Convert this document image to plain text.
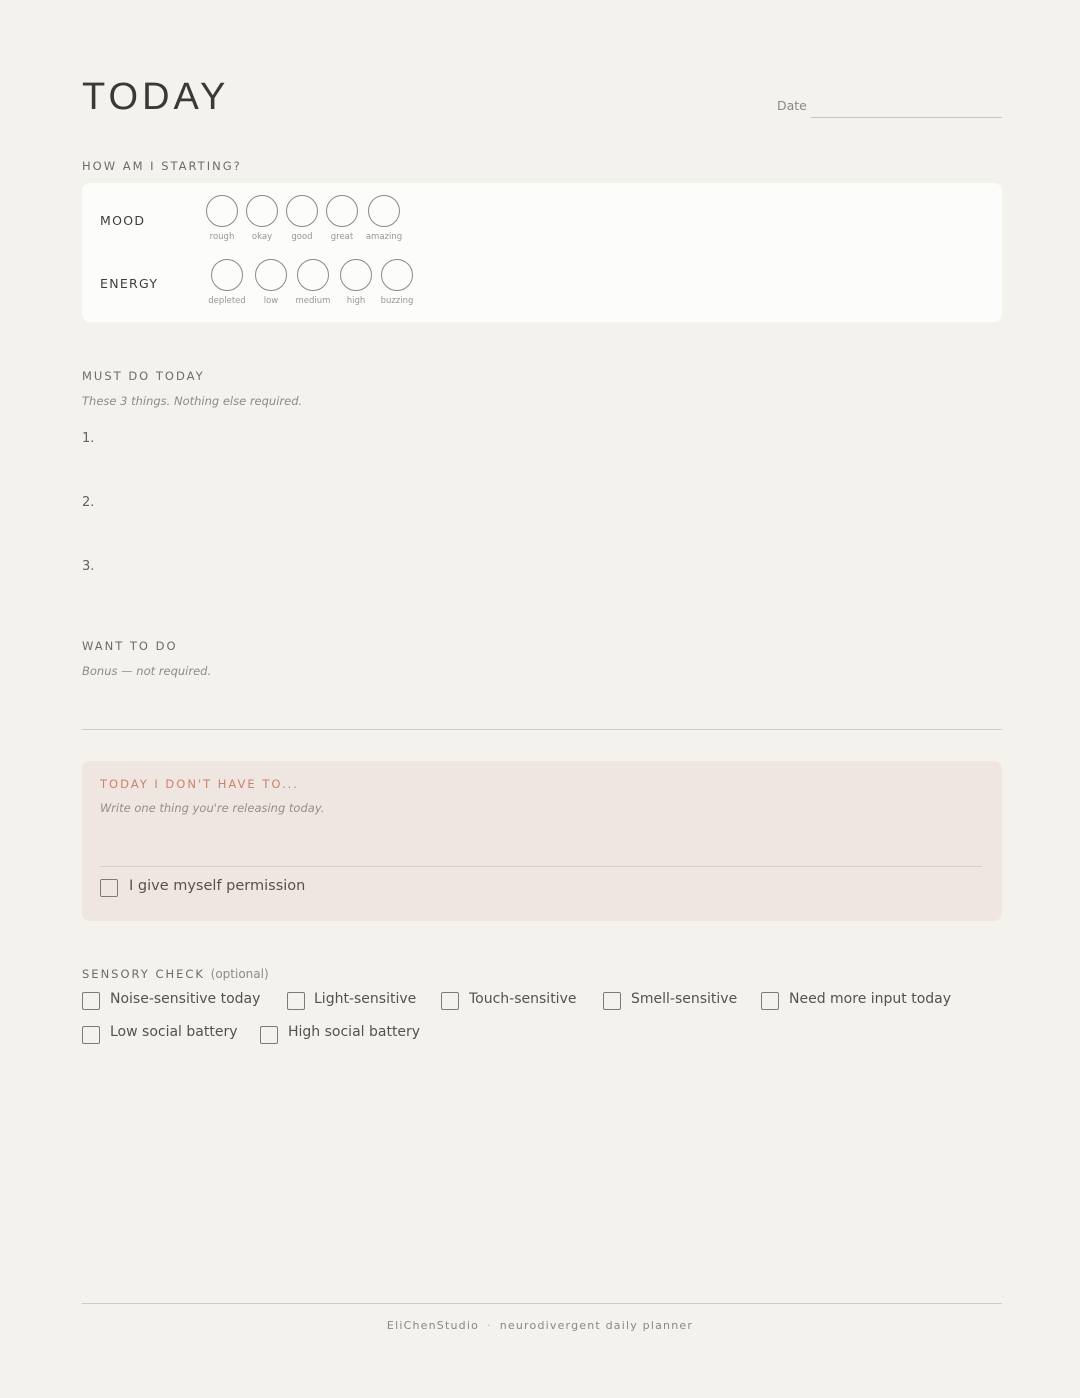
TODAY	Date
HOW AM I STARTING?
MOOD
rough	okay	good	great	amazing
ENERGY
depleted	low	medium	high	buzzing
MUST DO TODAY
These 3 things. Nothing else required.
1.
2.
3.
WANT TO DO
Bonus — not required.
TODAY I DON'T HAVE TO...
Write one thing you're releasing today.
I give myself permission
SENSORY CHECK (optional)
Noise-sensitive today	Light-sensitive	Touch-sensitive	Smell-sensitive	Need more input today
Low social battery	High social battery
EliChenStudio · neurodivergent daily planner
